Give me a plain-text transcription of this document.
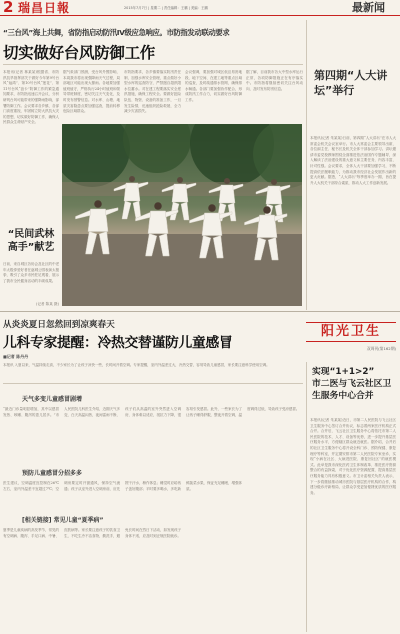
2 瑞昌日報	2015年7月7日 | 星期二 | 责任编辑：王鹏 | 美编：王鹏	最新闻
“三台风”海上共舞，省防指启动防汛Ⅳ级应急响应。市防指发动联动要求
切实做好台风防御工作
本报讯(记者 林某某)根据省、市防汛抗旱指挥部关于做好今年第9号台风“灿鸿”、第10号台风“莲花”、第11号台风“浪卡”防御工作的紧急通知要求，市防指迅速召开会议，分析研判台风可能带来的强降雨影响，部署防御工作。会议要求各乡镇、各部门高度重视，牢固树立防大汛抗大灾的思想，切实做好防御工作，确保人民群众生命财产安全。
据气象部门预测，受台风外围影响，本周我市将出现强降雨天气过程，局部地区可能出现大暴雨。各地要加强值班值守，严格执行24小时值班和领导带班制度，密切关注天气变化，及时发布预警信息。对水库、山塘、地质灾害隐患点要加强巡查，提前转移危险区域群众。
市防指要求，各乡镇要落实防汛责任制，加强水库安全管理，重点做好小型水库的巡查防守，严禁擅自超汛限水位蓄水。对在建工程要落实安全度汛措施，确保工程安全。要做好抢险队伍、物资、设备的准备工作，一旦发生险情，迅速组织抢险救援，全力减少灾害损失。
会议强调，要加强对城区低洼易涝地段、地下空间、在建工地等重点区域的巡查，及时疏通排水管网，确保排水畅通。各部门要加强协作配合，形成防汛工作合力，切实做好台风防御工作。
据了解，目前我市各大中型水库运行正常，各项防御措施正在有序落实中。市防指将继续密切关注台风动向，及时发布防汛信息。
“民间武林高手”献艺
日前，来自城区各协会及社区的中老年太极拳爱好者在湓城公园表演太极拳，吸引了众多市民驻足观看，展示了我市全民健身活动的丰硕成果。
(记者 陈某 摄)
第四期“人大讲坛”举行
本报讯(记者 朱某某)日前，第四期“人大讲坛”在市人大常委会机关会议室举行。市人大常委会主要领导出席，各位副主任、秘书长及机关全体干部参加学习。讲坛邀请市委党校教师围绕全面推进依法治国作专题辅导，深入解读了法治建设的重大意义和主要任务，内容丰富，针对性强。会议要求，全体人大干部要加强学习，不断提高依法履职能力，为推动我市经济社会发展作出新的更大贡献。据悉，“人大讲坛”每季度举办一期，旨在提升人大机关干部综合素质，推动人大工作创新发展。
从炎炎夏日忽然回到凉爽春天
儿科专家提醒：冷热交替谨防儿童感冒
阳光卫生
双周刊(第162期)
■记者 陈丹丹
本报讯 入夏以来，气温持续走高，不少家长为了让孩子凉快一些，长时间开着空调。专家提醒，室内外温差过大，冷热交替，容易导致儿童感冒，家长要注意科学使用空调。
天气多变儿童感冒剧增
“最近门诊量明显增加，其中以感冒发热、咳嗽、腹泻的患儿居多。”市人民医院儿科医生介绍，近期天气多变，白天高温闷热，夜间雷雨不断，孩子们从高温的室外突然进入空调房，身体难以适应，抵抗力下降，很容易引发感冒。此外，一些家长为了让孩子睡得舒服，整夜开着空调，温度调得过低，导致孩子受凉感冒。
预防儿童感冒分招多多
医生建议，空调温度宜控制在26℃左右，室内外温差不宜超过7℃；空调房要定时开窗通风，保持空气流通；孩子从室外进入空调房前，应先擦干汗水，稍作休息；睡觉时应给孩子盖好腹部；平时要多喝水，多吃新鲜蔬菜水果，保证充足睡眠，增强体质。
[相关链接] 常见儿童“夏季病”
夏季是儿童疾病的高发季节，常见的有空调病、腹泻、手足口病、中暑、皮肤病等。家长要注意孩子的饮食卫生，不吃生冷不洁食物，勤洗手，避免长时间在烈日下活动，如发现孩子身体不适，应及时到正规医院就诊。
实现“1+1>2”
市二医与飞云社区卫生服务中心合并
本报讯(记者 朱某某)近日，市第二人民医院与飞云社区卫生服务中心签订合并协议，标志着两家医疗机构正式合并。合并后，飞云社区卫生服务中心将依托市第二人民医院的技术、人才、设备等优势，进一步提升基层医疗服务水平，方便辖区群众就近就医。据介绍，合并后的社区卫生服务中心将开设全科门诊、预防保健、康复理疗等科室，并定期安排市第二人民医院专家坐诊，实现“小病在社区、大病进医院、康复回社区”的就医模式。此举是我市深化医药卫生体制改革、推进医疗资源整合的有益探索，对于优化医疗资源配置、提高基层医疗服务能力具有积极意义。市卫计委相关负责人表示，下一步将继续推动城市医院与基层医疗机构的合作，构建分级诊疗新格局，让群众享受更加便捷优质的医疗服务。
